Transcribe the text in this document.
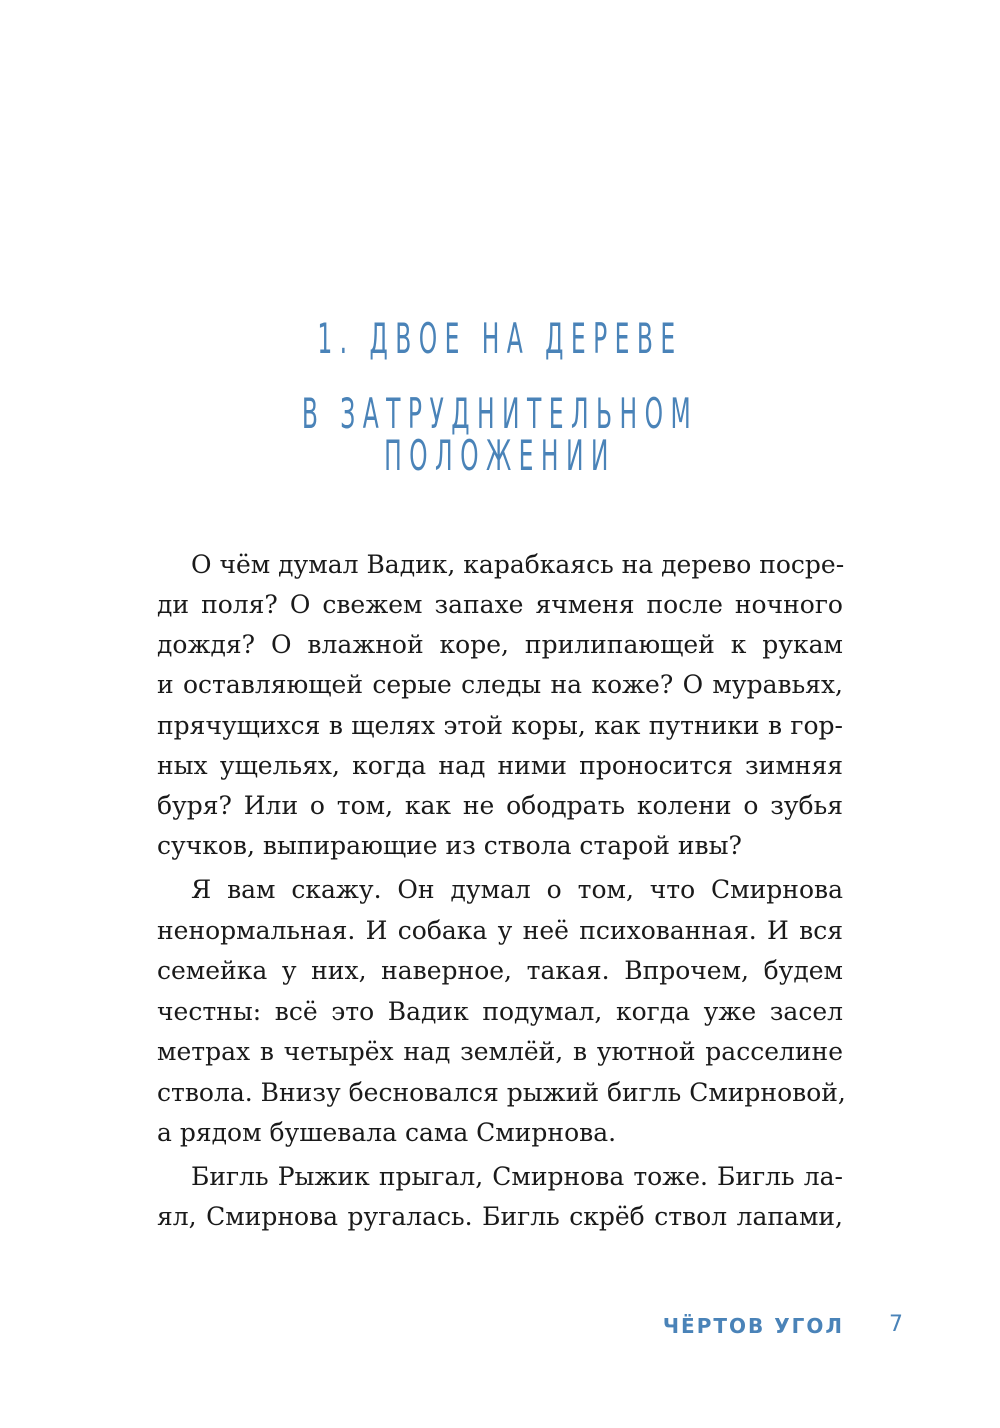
1. ДВОЕ НА ДЕРЕВЕ
В ЗАТРУДНИТЕЛЬНОМ ПОЛОЖЕНИИ
О чём думал Вадик, карабкаясь на дерево посре-
ди поля? О свежем запахе ячменя после ночного
дождя? О влажной коре, прилипающей к рукам
и оставляющей серые следы на коже? О муравьях,
прячущихся в щелях этой коры, как путники в гор-
ных ущельях, когда над ними проносится зимняя
буря? Или о том, как не ободрать колени о зубья
сучков, выпирающие из ствола старой ивы?
Я вам скажу. Он думал о том, что Смирнова
ненормальная. И собака у неё психованная. И вся
семейка у них, наверное, такая. Впрочем, будем
честны: всё это Вадик подумал, когда уже засел
метрах в четырёх над землёй, в уютной расселине
ствола. Внизу бесновался рыжий бигль Смирновой,
а рядом бушевала сама Смирнова.
Бигль Рыжик прыгал, Смирнова тоже. Бигль ла-
ял, Смирнова ругалась. Бигль скрёб ствол лапами,
ЧЁРТОВ УГОЛ 7
